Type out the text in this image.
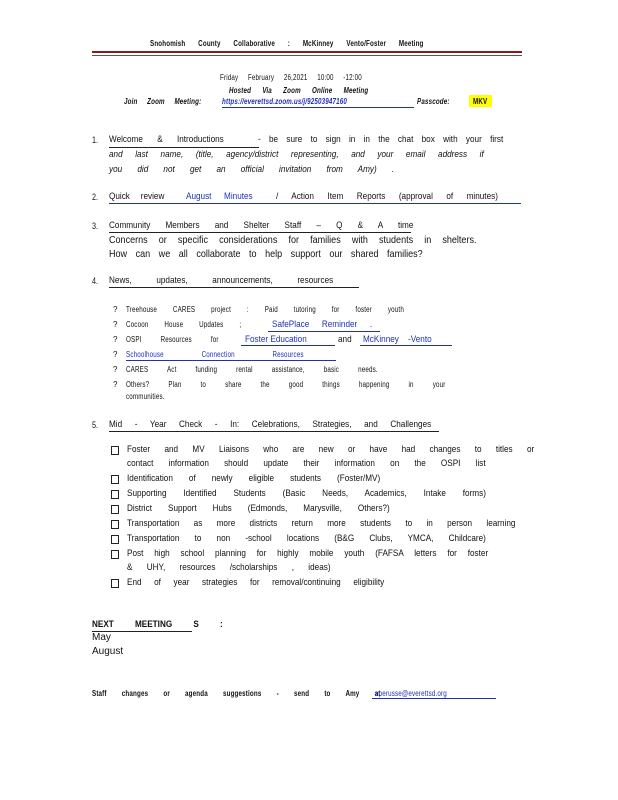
Snohomish County Collaborative : McKinney Vento/Foster Meeting
Friday February 26,2021 10:00 -12:00
Hosted Via Zoom Online Meeting
Join Zoom Meeting:	https://everettsd.zoom.us/j/92503947160	Passcode:	MKV
1. Welcome & Introductions	- be sure to sign in in the chat box with your first
and last name, (title, agency/district representing, and your email address if
you did not get an official invitation from Amy) .
2. Quick review August Minutes / Action Item Reports (approval of minutes)
3. Community Members and Shelter Staff – Q & A time
Concerns or specific considerations for families with students in shelters.
How can we all collaborate to help support our shared families?
4. News, updates, announcements, resources
? Treehouse CARES project : Paid tutoring for foster youth
? Cocoon House Updates ;	SafePlace Reminder .
? OSPI Resources for	Foster Education	and McKinney -Vento
? Schoolhouse Connection Resources
? CARES Act funding rental assistance, basic needs.
? Others? Plan to share the good things happening in your
communities.
5. Mid - Year Check - In: Celebrations, Strategies, and Challenges
Foster and MV Liaisons who are new or have had changes to titles or
contact information should update their information on the OSPI list
Identification of newly eligible students (Foster/MV)
Supporting Identified Students (Basic Needs, Academics, Intake forms)
District Support Hubs (Edmonds, Marysville, Others?)
Transportation as more districts return more students to in person learning
Transportation to non -school locations (B&G Clubs, YMCA, Childcare)
Post high school planning for highly mobile youth (FAFSA letters for foster
& UHY, resources /scholarships , ideas)
End of year strategies for removal/continuing eligibility
NEXT MEETING S :
May
August
Staff changes or agenda suggestions - send to Amy at
aperusse@everettsd.org
